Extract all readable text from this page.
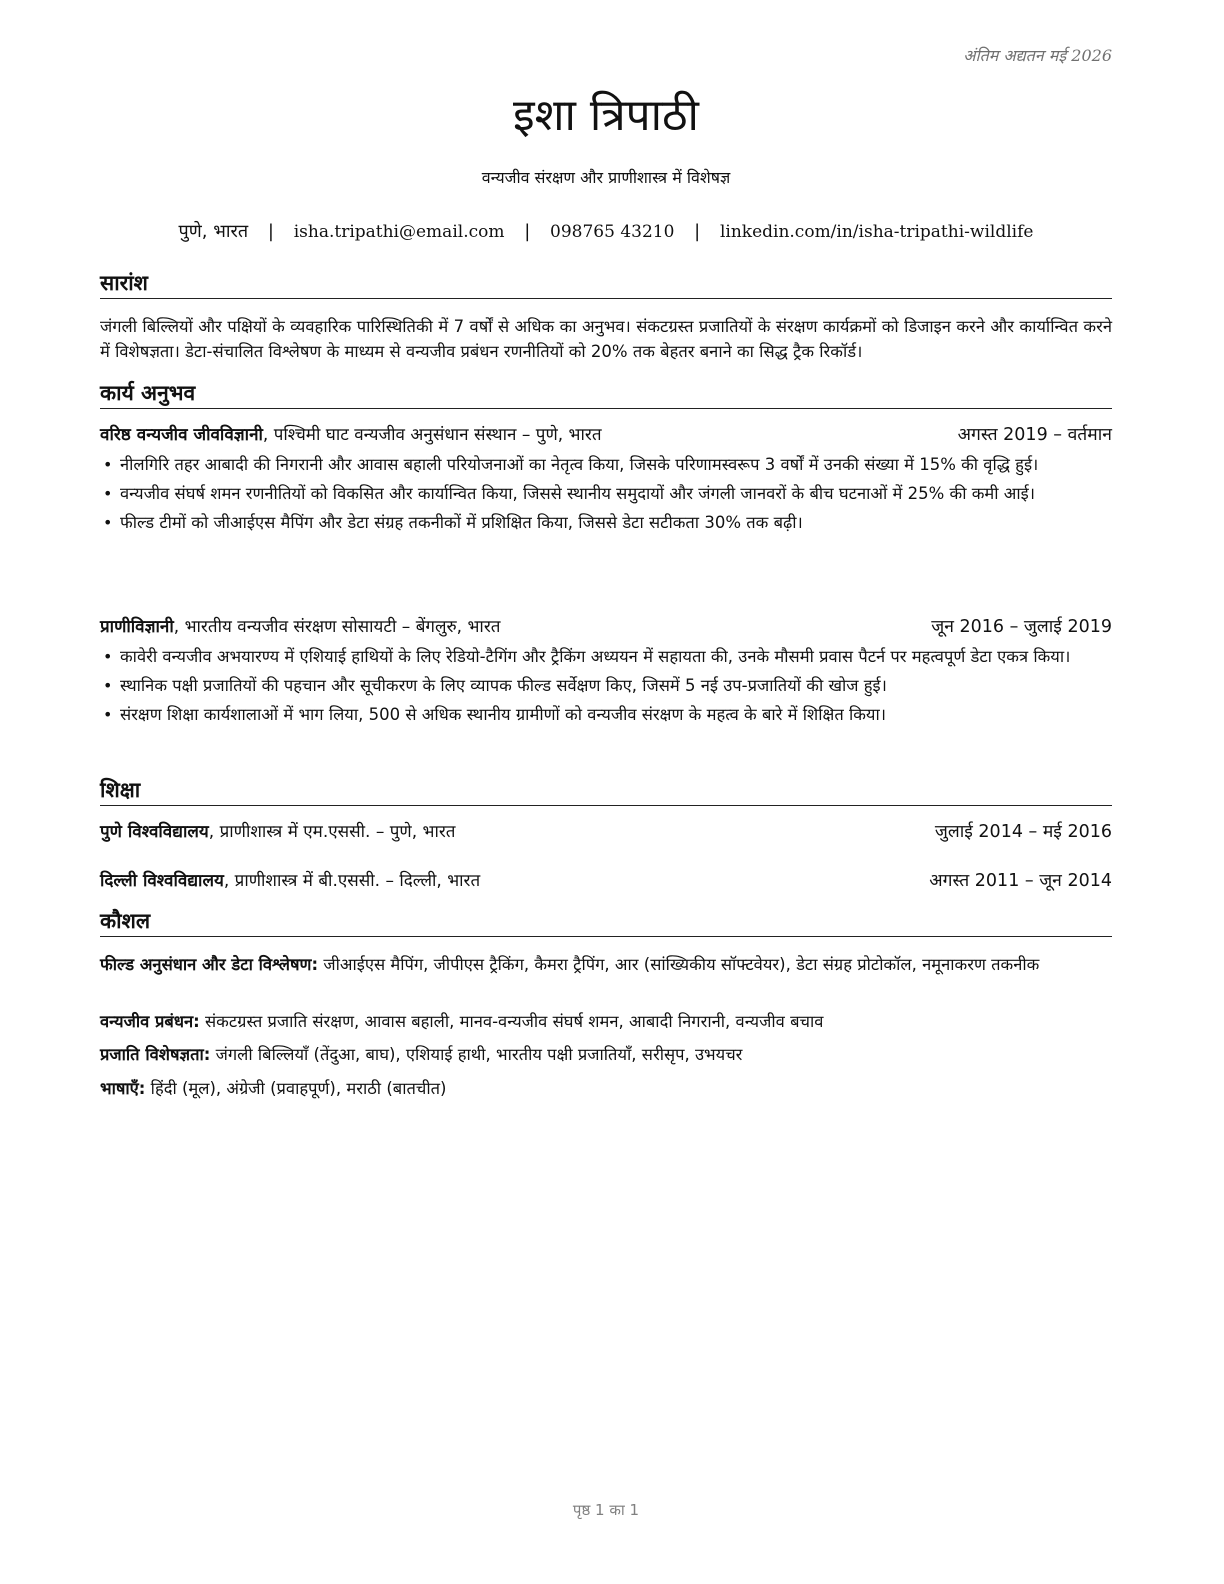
अंतिम अद्यतन मई 2026
इशा त्रिपाठी
वन्यजीव संरक्षण और प्राणीशास्त्र में विशेषज्ञ
पुणे, भारत | isha.tripathi@email.com | 098765 43210 | linkedin.com/in/isha-tripathi-wildlife
सारांश
जंगली बिल्लियों और पक्षियों के व्यवहारिक पारिस्थितिकी में 7 वर्षों से अधिक का अनुभव। संकटग्रस्त प्रजातियों के संरक्षण कार्यक्रमों को डिजाइन करने और कार्यान्वित करने में विशेषज्ञता। डेटा-संचालित विश्लेषण के माध्यम से वन्यजीव प्रबंधन रणनीतियों को 20% तक बेहतर बनाने का सिद्ध ट्रैक रिकॉर्ड।
कार्य अनुभव
वरिष्ठ वन्यजीव जीवविज्ञानी, पश्चिमी घाट वन्यजीव अनुसंधान संस्थान – पुणे, भारत	अगस्त 2019 – वर्तमान
• नीलगिरि तहर आबादी की निगरानी और आवास बहाली परियोजनाओं का नेतृत्व किया, जिसके परिणामस्वरूप 3 वर्षों में उनकी संख्या में 15% की वृद्धि हुई।
• वन्यजीव संघर्ष शमन रणनीतियों को विकसित और कार्यान्वित किया, जिससे स्थानीय समुदायों और जंगली जानवरों के बीच घटनाओं में 25% की कमी आई।
• फील्ड टीमों को जीआईएस मैपिंग और डेटा संग्रह तकनीकों में प्रशिक्षित किया, जिससे डेटा सटीकता 30% तक बढ़ी।
प्राणीविज्ञानी, भारतीय वन्यजीव संरक्षण सोसायटी – बेंगलुरु, भारत	जून 2016 – जुलाई 2019
• कावेरी वन्यजीव अभयारण्य में एशियाई हाथियों के लिए रेडियो-टैगिंग और ट्रैकिंग अध्ययन में सहायता की, उनके मौसमी प्रवास पैटर्न पर महत्वपूर्ण डेटा एकत्र किया।
• स्थानिक पक्षी प्रजातियों की पहचान और सूचीकरण के लिए व्यापक फील्ड सर्वेक्षण किए, जिसमें 5 नई उप-प्रजातियों की खोज हुई।
• संरक्षण शिक्षा कार्यशालाओं में भाग लिया, 500 से अधिक स्थानीय ग्रामीणों को वन्यजीव संरक्षण के महत्व के बारे में शिक्षित किया।
शिक्षा
पुणे विश्वविद्यालय, प्राणीशास्त्र में एम.एससी. – पुणे, भारत	जुलाई 2014 – मई 2016
दिल्ली विश्वविद्यालय, प्राणीशास्त्र में बी.एससी. – दिल्ली, भारत	अगस्त 2011 – जून 2014
कौशल
फील्ड अनुसंधान और डेटा विश्लेषण: जीआईएस मैपिंग, जीपीएस ट्रैकिंग, कैमरा ट्रैपिंग, आर (सांख्यिकीय सॉफ्टवेयर), डेटा संग्रह प्रोटोकॉल, नमूनाकरण तकनीक
वन्यजीव प्रबंधन: संकटग्रस्त प्रजाति संरक्षण, आवास बहाली, मानव-वन्यजीव संघर्ष शमन, आबादी निगरानी, वन्यजीव बचाव
प्रजाति विशेषज्ञता: जंगली बिल्लियाँ (तेंदुआ, बाघ), एशियाई हाथी, भारतीय पक्षी प्रजातियाँ, सरीसृप, उभयचर
भाषाएँ: हिंदी (मूल), अंग्रेजी (प्रवाहपूर्ण), मराठी (बातचीत)
पृष्ठ 1 का 1
